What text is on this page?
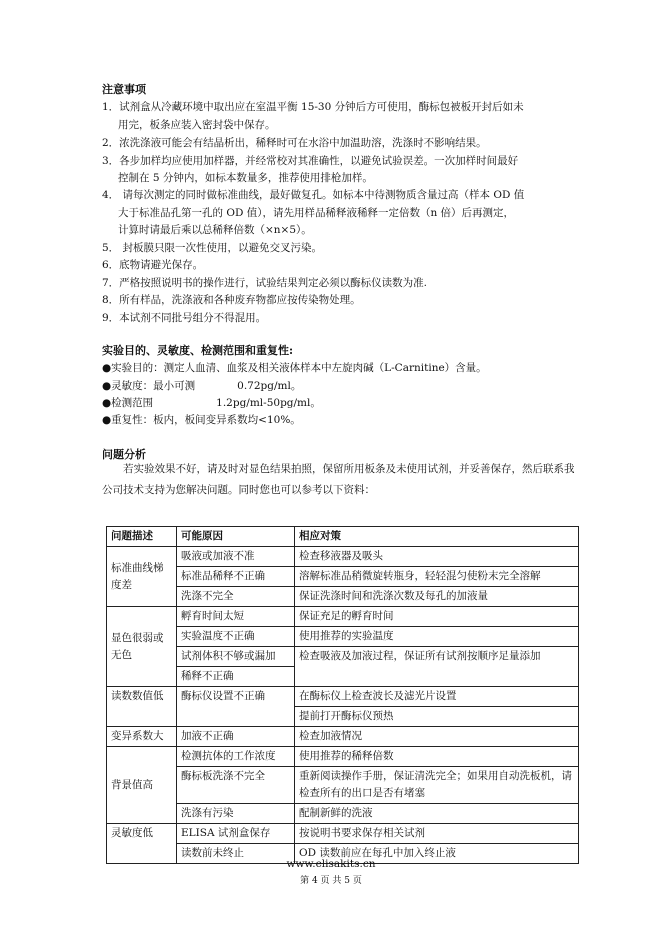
注意事项
1．试剂盒从冷藏环境中取出应在室温平衡 15-30 分钟后方可使用，酶标包被板开封后如未
用完，板条应装入密封袋中保存。
2．浓洗涤液可能会有结晶析出，稀释时可在水浴中加温助溶，洗涤时不影响结果。
3．各步加样均应使用加样器，并经常校对其准确性，以避免试验误差。一次加样时间最好
控制在 5 分钟内，如标本数量多，推荐使用排枪加样。
4． 请每次测定的同时做标准曲线，最好做复孔。如标本中待测物质含量过高（样本 OD 值
大于标准品孔第一孔的 OD 值），请先用样品稀释液稀释一定倍数（n 倍）后再测定，
计算时请最后乘以总稀释倍数（×n×5）。
5． 封板膜只限一次性使用，以避免交叉污染。
6．底物请避光保存。
7．严格按照说明书的操作进行，试验结果判定必须以酶标仪读数为准.
8．所有样品，洗涤液和各种废弃物都应按传染物处理。
9．本试剂不同批号组分不得混用。
实验目的、灵敏度、检测范围和重复性:
●实验目的：测定人血清、血浆及相关液体样本中左旋肉碱（L-Carnitine）含量。
●灵敏度：最小可测　　　　0.72pg/ml。
●检测范围　　　　　　1.2pg/ml-50pg/ml。
●重复性：板内，板间变异系数均<10%。
问题分析
若实验效果不好，请及时对显色结果拍照，保留所用板条及未使用试剂，并妥善保存，然后联系我公司技术支持为您解决问题。同时您也可以参考以下资料：
问题描述	可能原因	相应对策
标准曲线梯度差	吸液或加液不准	检查移液器及吸头
	标准品稀释不正确	溶解标准品稍微旋转瓶身，轻轻混匀使粉末完全溶解
	洗涤不完全	保证洗涤时间和洗涤次数及每孔的加液量
显色很弱或无色	孵育时间太短	保证充足的孵育时间
	实验温度不正确	使用推荐的实验温度
	试剂体积不够或漏加	检查吸液及加液过程，保证所有试剂按顺序足量添加
	稀释不正确	
读数数值低	酶标仪设置不正确	在酶标仪上检查波长及滤光片设置
		提前打开酶标仪预热
变异系数大	加液不正确	检查加液情况
背景值高	检测抗体的工作浓度	使用推荐的稀释倍数
	酶标板洗涤不完全	重新阅读操作手册，保证清洗完全；如果用自动洗板机，请检查所有的出口是否有堵塞
	洗涤有污染	配制新鲜的洗液
灵敏度低	ELISA 试剂盒保存	按说明书要求保存相关试剂
	读数前未终止	OD 读数前应在每孔中加入终止液
www.elisakits.cn
第 4 页 共 5 页
